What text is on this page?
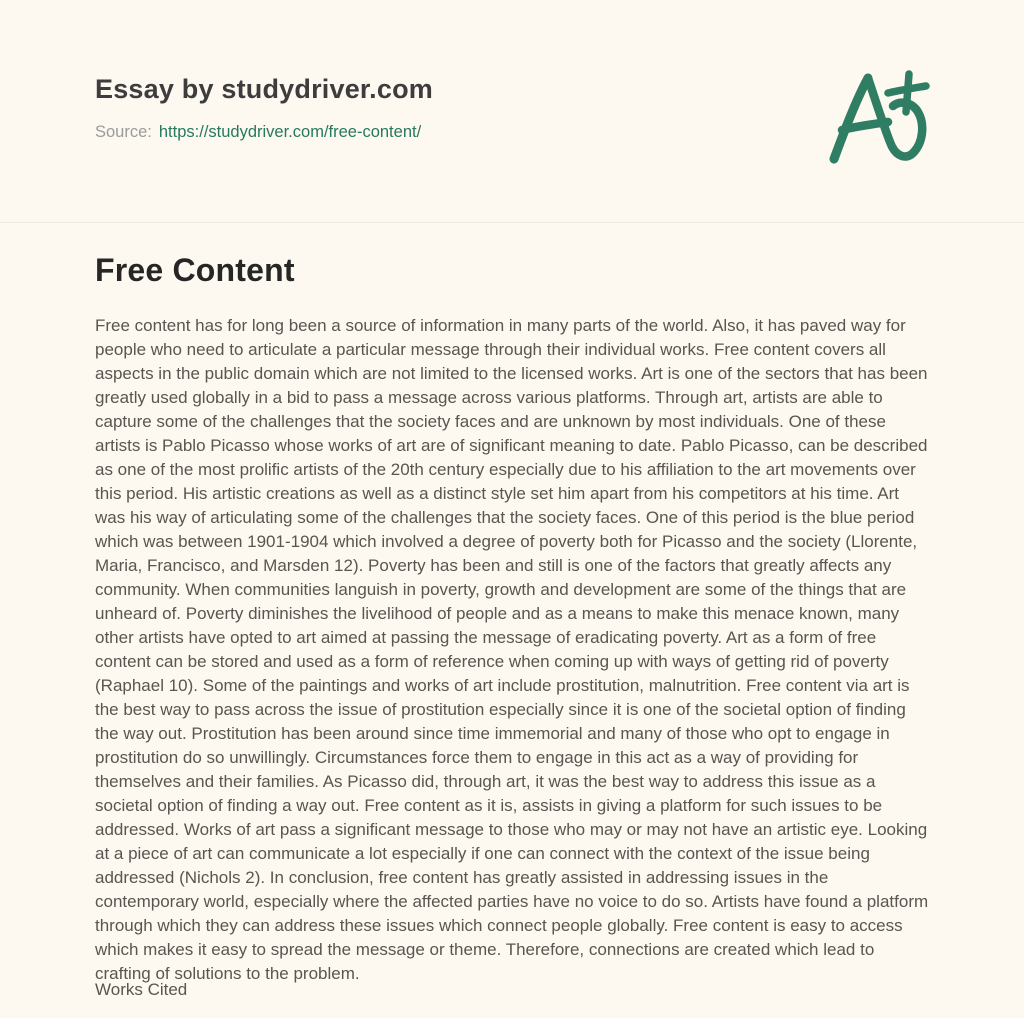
Essay by studydriver.com
Source: https://studydriver.com/free-content/
Free Content

Free content has for long been a source of information in many parts of the world. Also, it has paved way for people who need to articulate a particular message through their individual works. Free content covers all aspects in the public domain which are not limited to the licensed works. Art is one of the sectors that has been greatly used globally in a bid to pass a message across various platforms. Through art, artists are able to capture some of the challenges that the society faces and are unknown by most individuals. One of these artists is Pablo Picasso whose works of art are of significant meaning to date. Pablo Picasso, can be described as one of the most prolific artists of the 20th century especially due to his affiliation to the art movements over this period. His artistic creations as well as a distinct style set him apart from his competitors at his time. Art was his way of articulating some of the challenges that the society faces. One of this period is the blue period which was between 1901-1904 which involved a degree of poverty both for Picasso and the society (Llorente, Maria, Francisco, and Marsden 12). Poverty has been and still is one of the factors that greatly affects any community. When communities languish in poverty, growth and development are some of the things that are unheard of. Poverty diminishes the livelihood of people and as a means to make this menace known, many other artists have opted to art aimed at passing the message of eradicating poverty. Art as a form of free content can be stored and used as a form of reference when coming up with ways of getting rid of poverty (Raphael 10). Some of the paintings and works of art include prostitution, malnutrition. Free content via art is the best way to pass across the issue of prostitution especially since it is one of the societal option of finding the way out. Prostitution has been around since time immemorial and many of those who opt to engage in prostitution do so unwillingly. Circumstances force them to engage in this act as a way of providing for themselves and their families. As Picasso did, through art, it was the best way to address this issue as a societal option of finding a way out. Free content as it is, assists in giving a platform for such issues to be addressed. Works of art pass a significant message to those who may or may not have an artistic eye. Looking at a piece of art can communicate a lot especially if one can connect with the context of the issue being addressed (Nichols 2). In conclusion, free content has greatly assisted in addressing issues in the contemporary world, especially where the affected parties have no voice to do so. Artists have found a platform through which they can address these issues which connect people globally. Free content is easy to access which makes it easy to spread the message or theme. Therefore, connections are created which lead to crafting of solutions to the problem.

Works Cited
